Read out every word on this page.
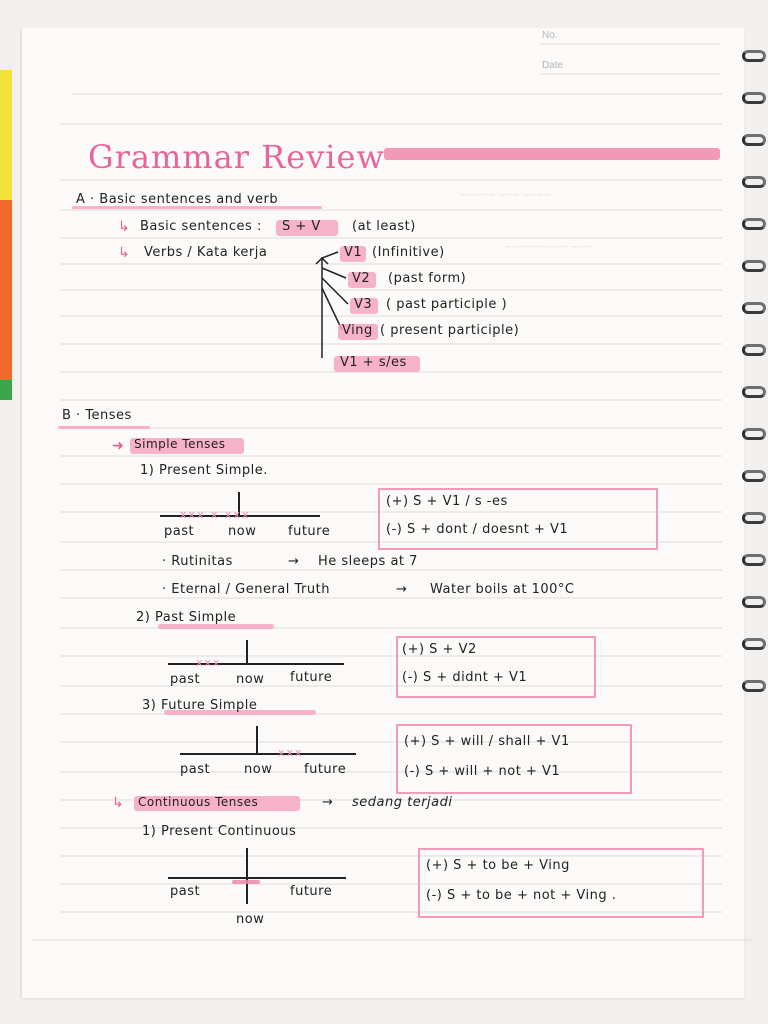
No.
Date
Grammar Review
~~~~~ ~~~ ~~~~
~~~~~~~~~ ~~~
A · Basic sentences and verb
↳ Basic sentences : S + V (at least)
↳ Verbs / Kata kerja	V1 (Infinitive)
V2 (past form)
V3 ( past participle )
Ving ( present participle)
V1 + s/es
B · Tenses
➜ Simple Tenses
1) Present Simple.
xxx x xxx
past	now future
(+) S + V1 / s -es
(-) S + dont / doesnt + V1
· Rutinitas	→ He sleeps at 7
· Eternal / General Truth	→ Water boils at 100°C
2) Past Simple
xxx
past	now future
(+) S + V2
(-) S + didnt + V1
3) Future Simple
xxx
past	now future
(+) S + will / shall + V1
(-) S + will + not + V1
↳ Continuous Tenses	→ sedang terjadi
1) Present Continuous
past	future
now
(+) S + to be + Ving
(-) S + to be + not + Ving .
